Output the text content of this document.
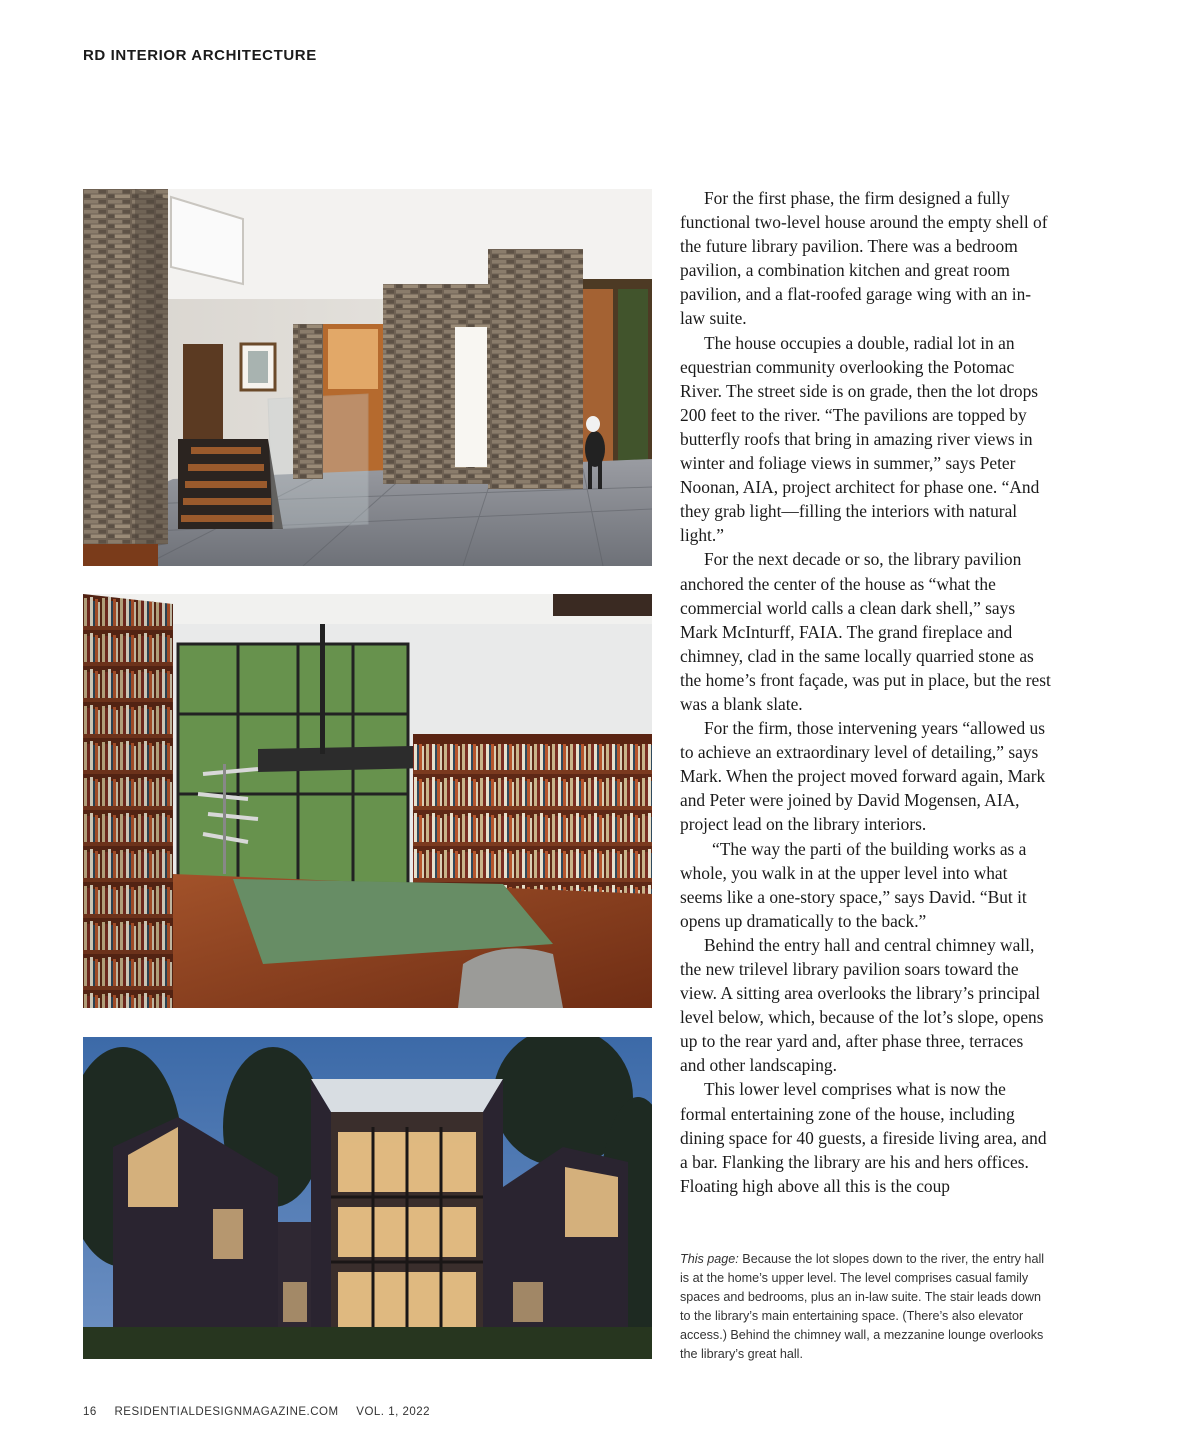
RD INTERIOR ARCHITECTURE

For the first phase, the firm designed a fully functional two-level house around the empty shell of the future library pavilion. There was a bedroom pavilion, a combination kitchen and great room pavilion, and a flat-roofed garage wing with an in-law suite.

The house occupies a double, radial lot in an equestrian community overlooking the Potomac River. The street side is on grade, then the lot drops 200 feet to the river. “The pavilions are topped by butterfly roofs that bring in amazing river views in winter and foliage views in summer,” says Peter Noonan, AIA, project architect for phase one. “And they grab light—filling the interiors with natural light.”

For the next decade or so, the library pavilion anchored the center of the house as “what the commercial world calls a clean dark shell,” says Mark McInturff, FAIA. The grand fireplace and chimney, clad in the same locally quarried stone as the home’s front façade, was put in place, but the rest was a blank slate.

For the firm, those intervening years “allowed us to achieve an extraordinary level of detailing,” says Mark. When the project moved forward again, Mark and Peter were joined by David Mogensen, AIA, project lead on the library interiors.

“The way the parti of the building works as a whole, you walk in at the upper level into what seems like a one-story space,” says David. “But it opens up dramatically to the back.”

Behind the entry hall and central chimney wall, the new trilevel library pavilion soars toward the view. A sitting area overlooks the library’s principal level below, which, because of the lot’s slope, opens up to the rear yard and, after phase three, terraces and other landscaping.

This lower level comprises what is now the formal entertaining zone of the house, including dining space for 40 guests, a fireside living area, and a bar. Flanking the library are his and hers offices. Floating high above all this is the coup

This page: Because the lot slopes down to the river, the entry hall is at the home’s upper level. The level comprises casual family spaces and bedrooms, plus an in-law suite. The stair leads down to the library’s main entertaining space. (There’s also elevator access.) Behind the chimney wall, a mezzanine lounge overlooks the library’s great hall.
16 RESIDENTIALDESIGNMAGAZINE.COM VOL. 1, 2022
